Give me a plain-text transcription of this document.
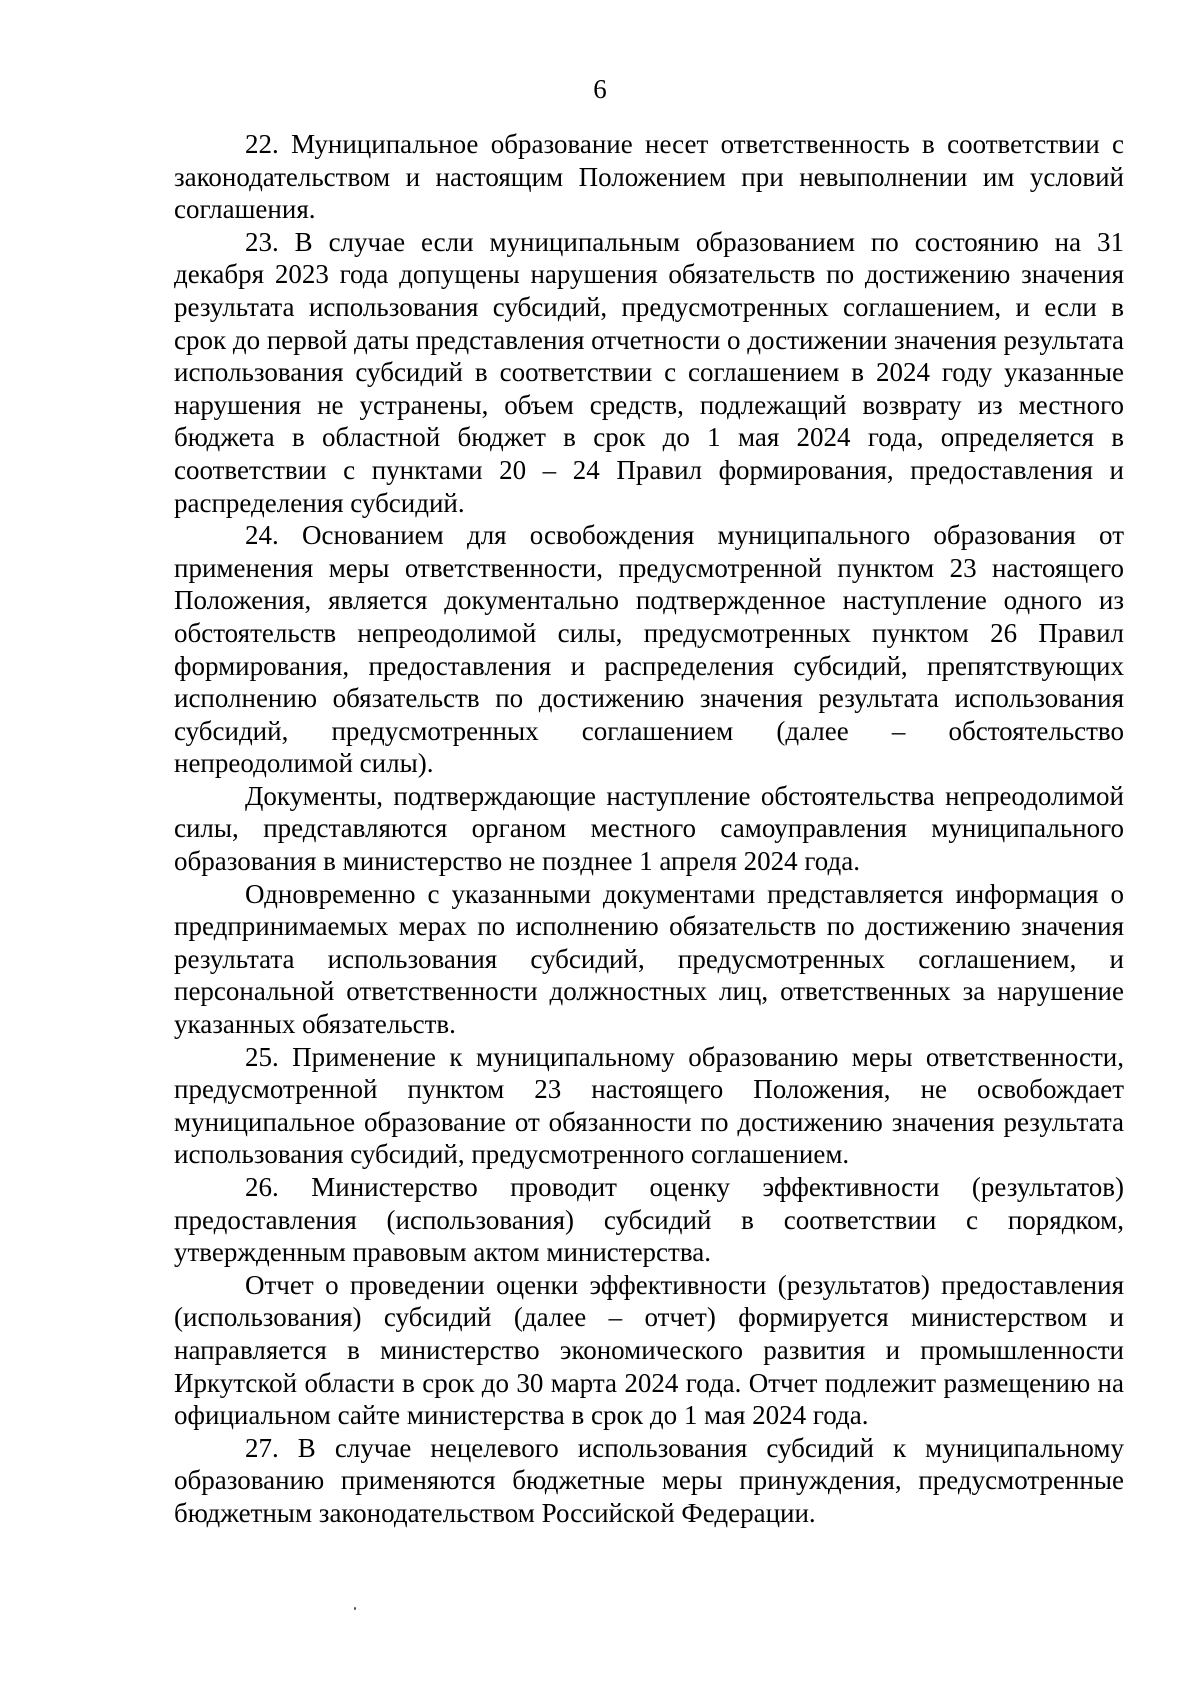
6

22. Муниципальное образование несет ответственность в соответствии с законодательством и настоящим Положением при невыполнении им условий соглашения.

23. В случае если муниципальным образованием по состоянию на 31 декабря 2023 года допущены нарушения обязательств по достижению значения результата использования субсидий, предусмотренных соглашением, и если в срок до первой даты представления отчетности о достижении значения результата использования субсидий в соответствии с соглашением в 2024 году указанные нарушения не устранены, объем средств, подлежащий возврату из местного бюджета в областной бюджет в срок до 1 мая 2024 года, определяется в соответствии с пунктами 20 – 24 Правил формирования, предоставления и распределения субсидий.

24. Основанием для освобождения муниципального образования от применения меры ответственности, предусмотренной пунктом 23 настоящего Положения, является документально подтвержденное наступление одного из обстоятельств непреодолимой силы, предусмотренных пунктом 26 Правил формирования, предоставления и распределения субсидий, препятствующих исполнению обязательств по достижению значения результата использования субсидий, предусмотренных соглашением (далее – обстоятельство непреодолимой силы).

Документы, подтверждающие наступление обстоятельства непреодолимой силы, представляются органом местного самоуправления муниципального образования в министерство не позднее 1 апреля 2024 года.

Одновременно с указанными документами представляется информация о предпринимаемых мерах по исполнению обязательств по достижению значения результата использования субсидий, предусмотренных соглашением, и персональной ответственности должностных лиц, ответственных за нарушение указанных обязательств.

25. Применение к муниципальному образованию меры ответственности, предусмотренной пунктом 23 настоящего Положения, не освобождает муниципальное образование от обязанности по достижению значения результата использования субсидий, предусмотренного соглашением.

26. Министерство проводит оценку эффективности (результатов) предоставления (использования) субсидий в соответствии с порядком, утвержденным правовым актом министерства.

Отчет о проведении оценки эффективности (результатов) предоставления (использования) субсидий (далее – отчет) формируется министерством и направляется в министерство экономического развития и промышленности Иркутской области в срок до 30 марта 2024 года. Отчет подлежит размещению на официальном сайте министерства в срок до 1 мая 2024 года.

27. В случае нецелевого использования субсидий к муниципальному образованию применяются бюджетные меры принуждения, предусмотренные бюджетным законодательством Российской Федерации.
